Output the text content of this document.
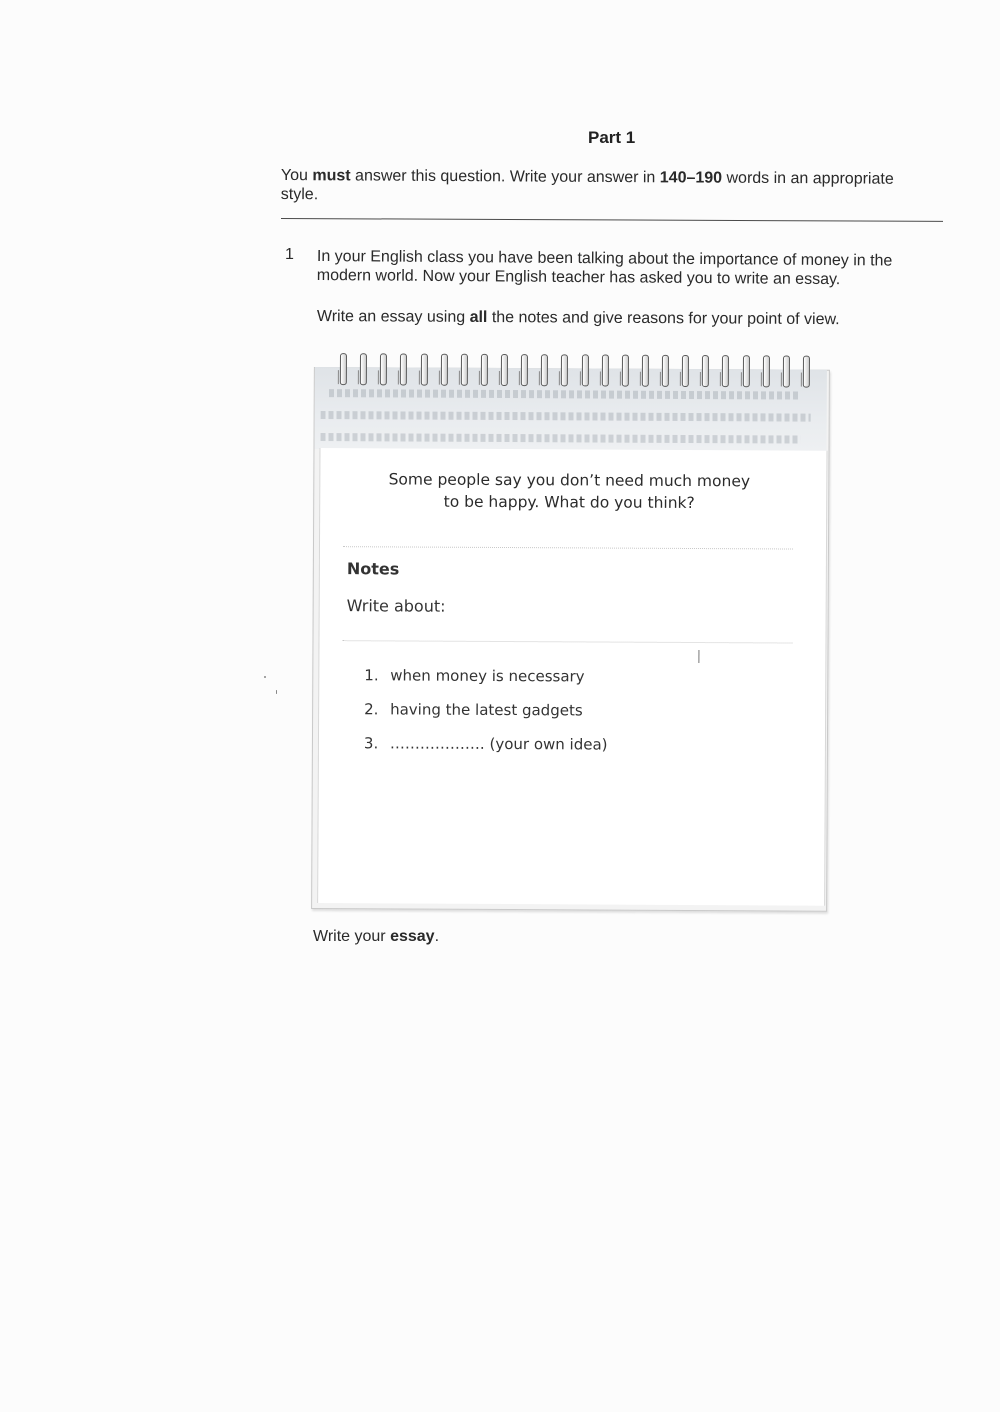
Part 1
You must answer this question. Write your answer in 140–190 words in an appropriate style.
1 In your English class you have been talking about the importance of money in the modern world. Now your English teacher has asked you to write an essay.
Write an essay using all the notes and give reasons for your point of view.
Some people say you don’t need much money
to be happy. What do you think?
Notes
Write about:
1. when money is necessary
2. having the latest gadgets
3. ………………. (your own idea)
Write your essay.
